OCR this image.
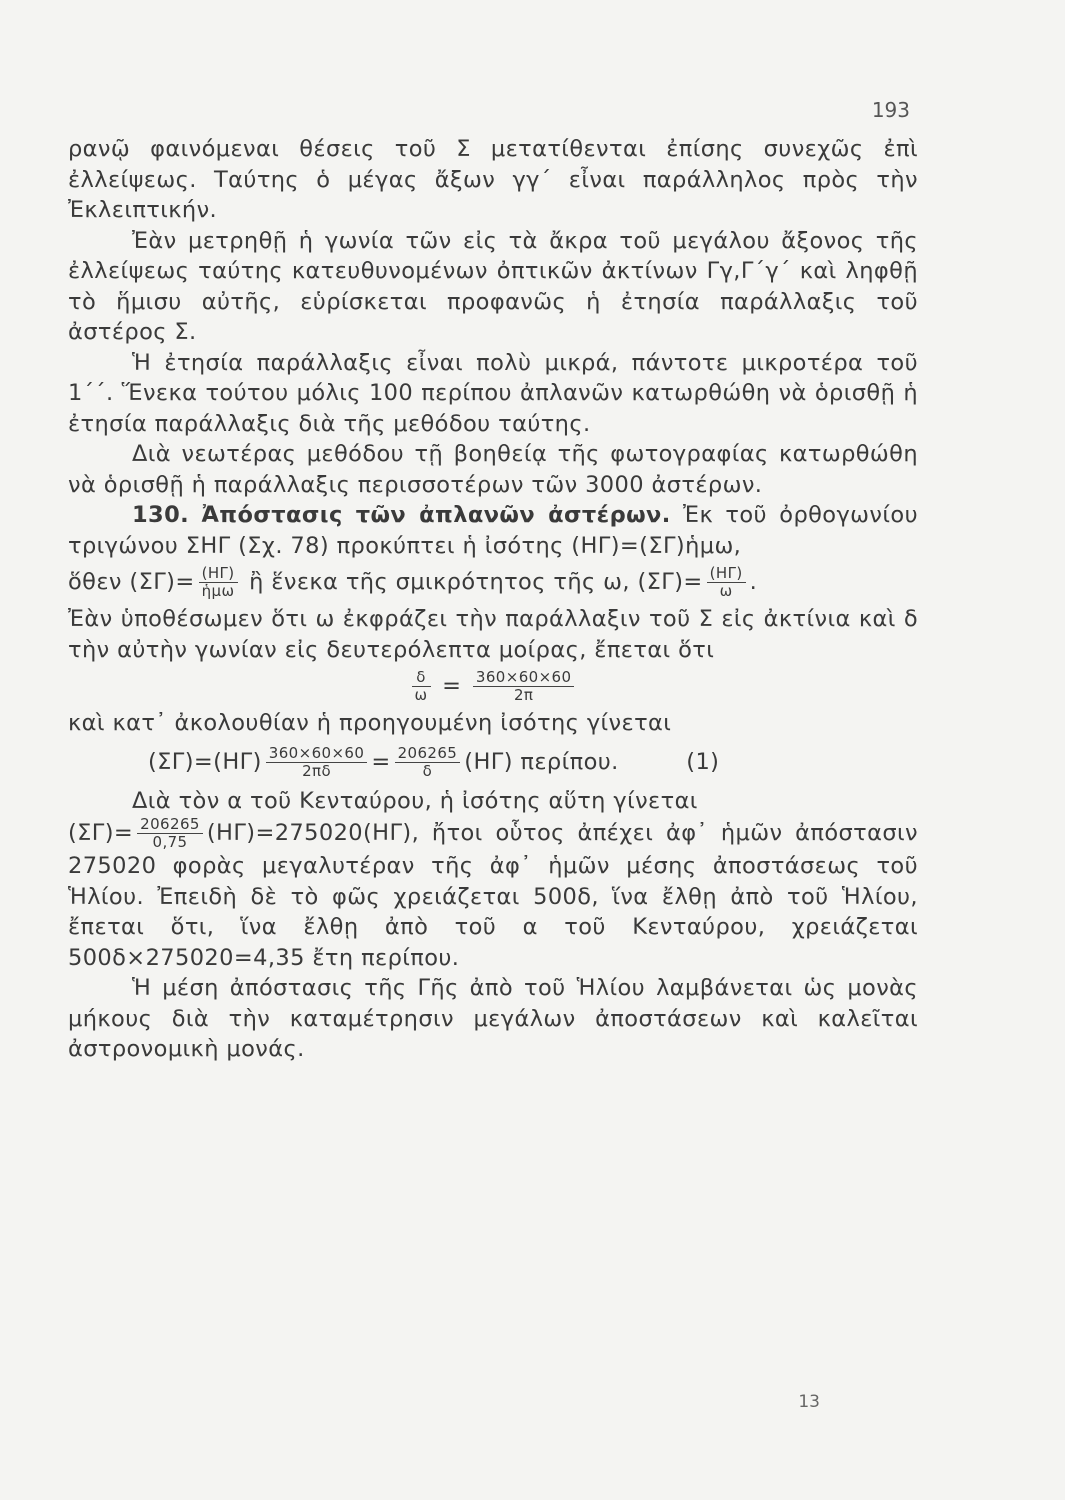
193

ρανῷ φαινόμεναι θέσεις τοῦ Σ μετατίθενται ἐπίσης συνεχῶς ἐπὶ ἐλλείψεως. Ταύτης ὁ μέγας ἄξων γγ΄ εἶναι παράλληλος πρὸς τὴν Ἐκλειπτικήν.

Ἐὰν μετρηθῇ ἡ γωνία τῶν εἰς τὰ ἄκρα τοῦ μεγάλου ἄξονος τῆς ἐλλείψεως ταύτης κατευθυνομένων ὀπτικῶν ἀκτίνων Γγ,Γ΄γ΄ καὶ ληφθῇ τὸ ἥμισυ αὐτῆς, εὑρίσκεται προφανῶς ἡ ἐτησία παράλλαξις τοῦ ἀστέρος Σ.

Ἡ ἐτησία παράλλαξις εἶναι πολὺ μικρά, πάντοτε μικροτέρα τοῦ 1΄΄. Ἕνεκα τούτου μόλις 100 περίπου ἀπλανῶν κατωρθώθη νὰ ὁρισθῇ ἡ ἐτησία παράλλαξις διὰ τῆς μεθόδου ταύτης.

Διὰ νεωτέρας μεθόδου τῇ βοηθείᾳ τῆς φωτογραφίας κατωρθώθη νὰ ὁρισθῇ ἡ παράλλαξις περισσοτέρων τῶν 3000 ἀστέρων.

130. Ἀπόστασις τῶν ἀπλανῶν ἀστέρων. Ἐκ τοῦ ὀρθογωνίου τριγώνου ΣΗΓ (Σχ. 78) προκύπτει ἡ ἰσότης (ΗΓ)=(ΣΓ)ἡμω,

ὅθεν $(\Sigma\Gamma)= \frac{(H\Gamma)}{\text{ἡμω}}$ ἢ ἕνεκα τῆς σμικρότητος τῆς ω, $(\Sigma\Gamma)= \frac{(H\Gamma)}{\omega}$ .

Ἐὰν ὑποθέσωμεν ὅτι ω ἐκφράζει τὴν παράλλαξιν τοῦ Σ εἰς ἀκτίνια καὶ δ τὴν αὐτὴν γωνίαν εἰς δευτερόλεπτα μοίρας, ἔπεται ὅτι

$\frac{\delta}{\omega} = \frac{360\times 60\times 60}{2\pi}$

καὶ κατ᾿ ἀκολουθίαν ἡ προηγουμένη ἰσότης γίνεται

$(\Sigma\Gamma)=(H\Gamma) \frac{360\times 60\times 60}{2\pi\delta} = \frac{206265}{\delta} (H\Gamma)$ περίπου.	(1)

Διὰ τὸν α τοῦ Κενταύρου, ἡ ἰσότης αὕτη γίνεται

$(\Sigma\Gamma)= \frac{206265}{0,75} (H\Gamma)=275020(H\Gamma)$, ἤτοι οὗτος ἀπέχει ἀφ᾿ ἡμῶν ἀπόστασιν 275020 φορὰς μεγαλυτέραν τῆς ἀφ᾿ ἡμῶν μέσης ἀποστάσεως τοῦ Ἡλίου. Ἐπειδὴ δὲ τὸ φῶς χρειάζεται 500δ, ἵνα ἔλθῃ ἀπὸ τοῦ Ἡλίου, ἔπεται ὅτι, ἵνα ἔλθῃ ἀπὸ τοῦ α τοῦ Κενταύρου, χρειάζεται 500δ×275020=4,35 ἔτη περίπου.

Ἡ μέση ἀπόστασις τῆς Γῆς ἀπὸ τοῦ Ἡλίου λαμβάνεται ὡς μονὰς μήκους διὰ τὴν καταμέτρησιν μεγάλων ἀποστάσεων καὶ καλεῖται ἀστρονομικὴ μονάς.

13
